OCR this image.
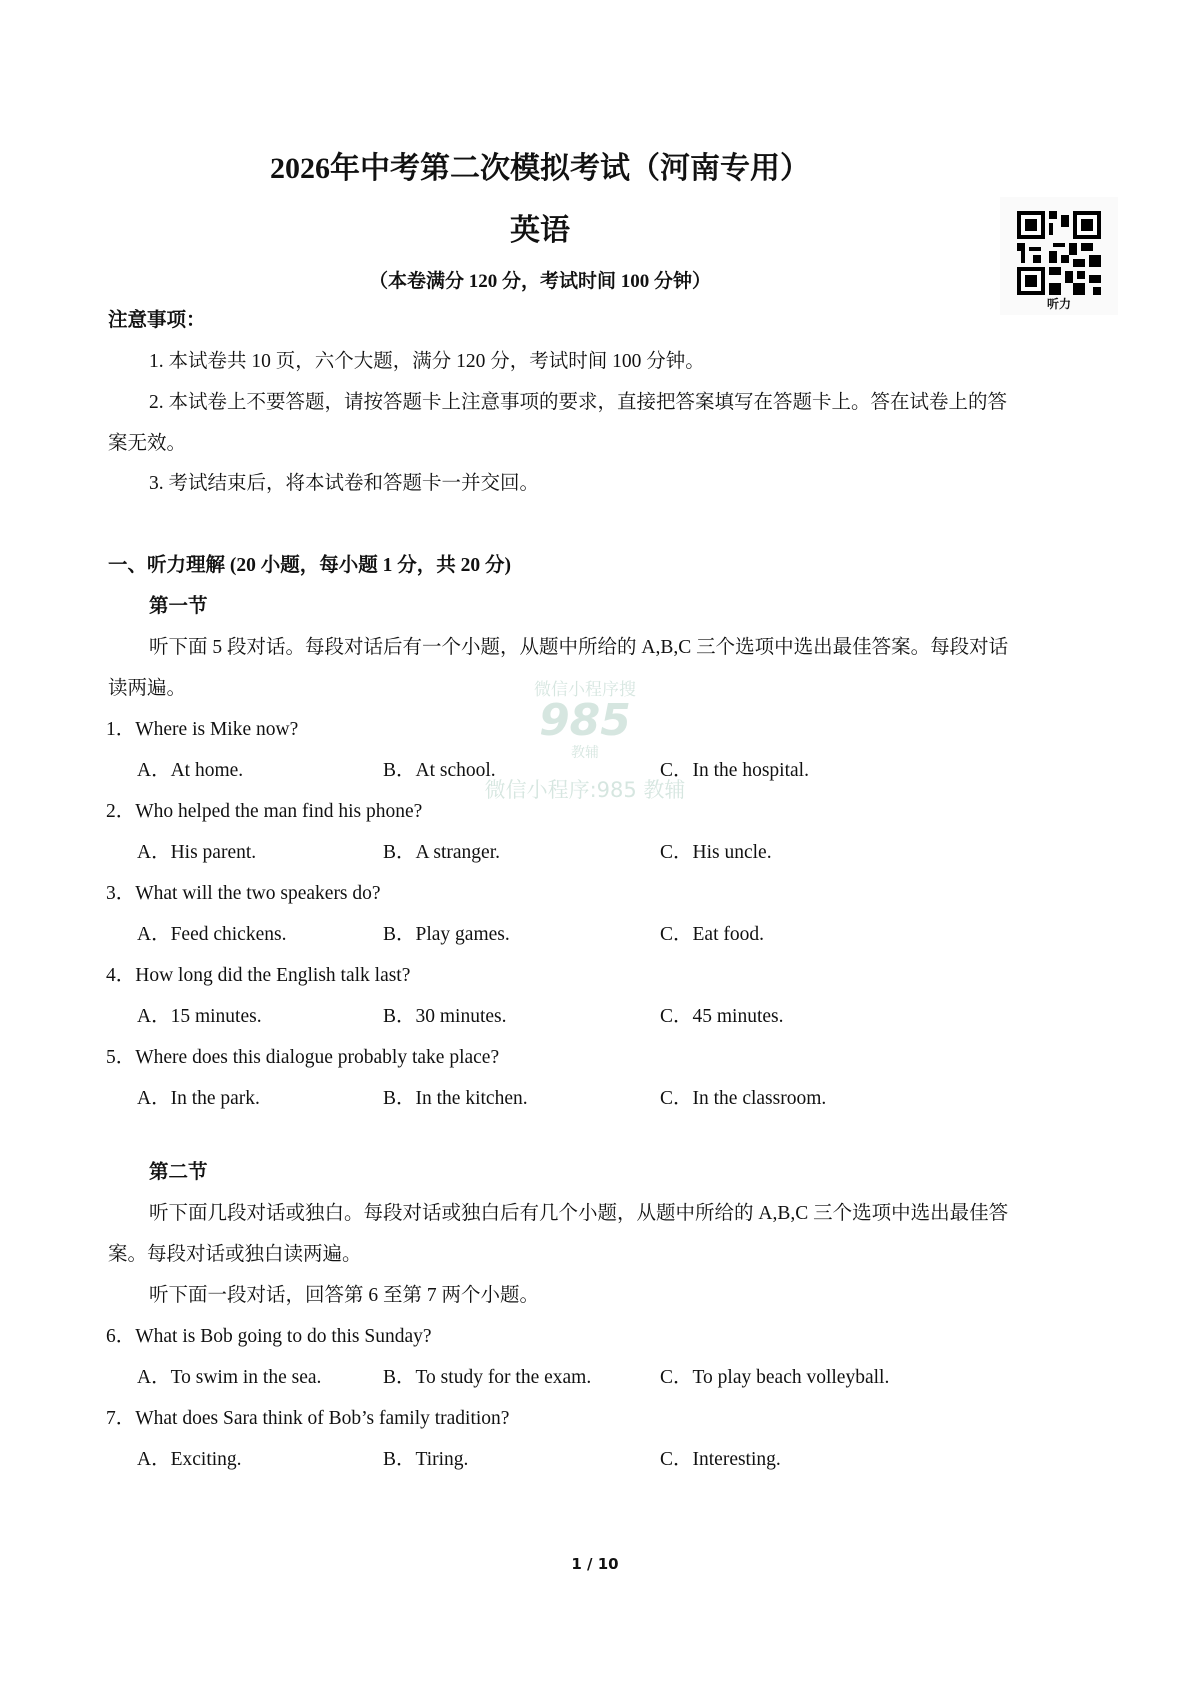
2026年中考第二次模拟考试（河南专用）
英语
（本卷满分 120 分，考试时间 100 分钟）
听力
微信小程序搜
985
教辅
微信小程序:985 教辅
注意事项：
1. 本试卷共 10 页，六个大题，满分 120 分，考试时间 100 分钟。
2. 本试卷上不要答题，请按答题卡上注意事项的要求，直接把答案填写在答题卡上。答在试卷上的答
案无效。
3. 考试结束后，将本试卷和答题卡一并交回。
一、听力理解 (20 小题，每小题 1 分，共 20 分)
第一节
听下面 5 段对话。每段对话后有一个小题，从题中所给的 A,B,C 三个选项中选出最佳答案。每段对话
读两遍。
第二节
听下面几段对话或独白。每段对话或独白后有几个小题，从题中所给的 A,B,C 三个选项中选出最佳答
案。每段对话或独白读两遍。
听下面一段对话，回答第 6 至第 7 两个小题。
1 / 10
1．Where is Mike now?
A．At home.	B．At school.	C．In the hospital.
2．Who helped the man find his phone?
A．His parent.	B．A stranger.	C．His uncle.
3．What will the two speakers do?
A．Feed chickens.	B．Play games.	C．Eat food.
4．How long did the English talk last?
A．15 minutes.	B．30 minutes.	C．45 minutes.
5．Where does this dialogue probably take place?
A．In the park.	B．In the kitchen.	C．In the classroom.
6．What is Bob going to do this Sunday?
A．To swim in the sea.	B．To study for the exam.	C．To play beach volleyball.
7．What does Sara think of Bob’s family tradition?
A．Exciting.	B．Tiring.	C．Interesting.
